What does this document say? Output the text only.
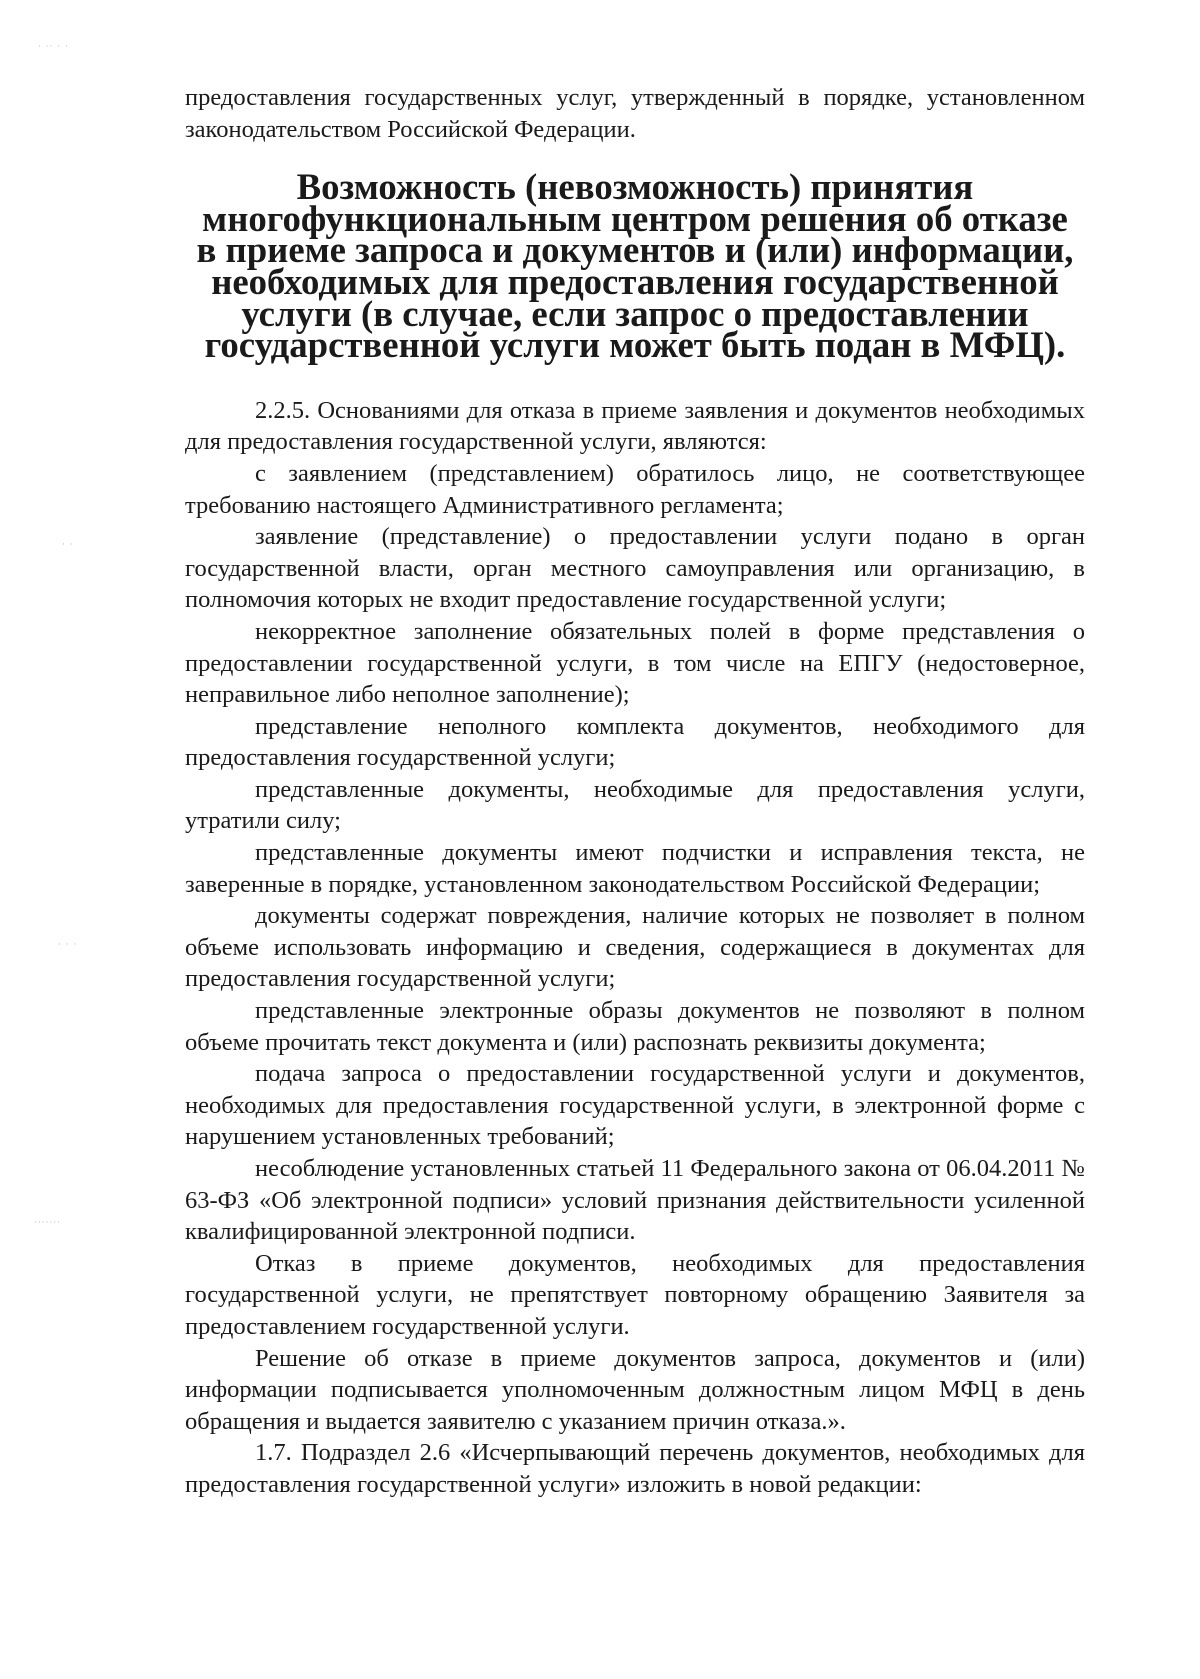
· ·· · ·
· ·
· · ·
·······

предоставления государственных услуг, утвержденный в порядке, установленном законодательством Российской Федерации.

Возможность (невозможность) принятия многофункциональным центром решения об отказе в приеме запроса и документов и (или) информации, необходимых для предоставления государственной услуги (в случае, если запрос о предоставлении государственной услуги может быть подан в МФЦ).

2.2.5. Основаниями для отказа в приеме заявления и документов необходимых для предоставления государственной услуги, являются:

с заявлением (представлением) обратилось лицо, не соответствующее требованию настоящего Административного регламента;

заявление (представление) о предоставлении услуги подано в орган государственной власти, орган местного самоуправления или организацию, в полномочия которых не входит предоставление государственной услуги;

некорректное заполнение обязательных полей в форме представления о предоставлении государственной услуги, в том числе на ЕПГУ (недостоверное, неправильное либо неполное заполнение);

представление неполного комплекта документов, необходимого для предоставления государственной услуги;

представленные документы, необходимые для предоставления услуги, утратили силу;

представленные документы имеют подчистки и исправления текста, не заверенные в порядке, установленном законодательством Российской Федерации;

документы содержат повреждения, наличие которых не позволяет в полном объеме использовать информацию и сведения, содержащиеся в документах для предоставления государственной услуги;

представленные электронные образы документов не позволяют в полном объеме прочитать текст документа и (или) распознать реквизиты документа;

подача запроса о предоставлении государственной услуги и документов, необходимых для предоставления государственной услуги, в электронной форме с нарушением установленных требований;

несоблюдение установленных статьей 11 Федерального закона от 06.04.2011 № 63-ФЗ «Об электронной подписи» условий признания действительности усиленной квалифицированной электронной подписи.

Отказ в приеме документов, необходимых для предоставления государственной услуги, не препятствует повторному обращению Заявителя за предоставлением государственной услуги.

Решение об отказе в приеме документов запроса, документов и (или) информации подписывается уполномоченным должностным лицом МФЦ в день обращения и выдается заявителю с указанием причин отказа.».

1.7. Подраздел 2.6 «Исчерпывающий перечень документов, необходимых для предоставления государственной услуги» изложить в новой редакции:
